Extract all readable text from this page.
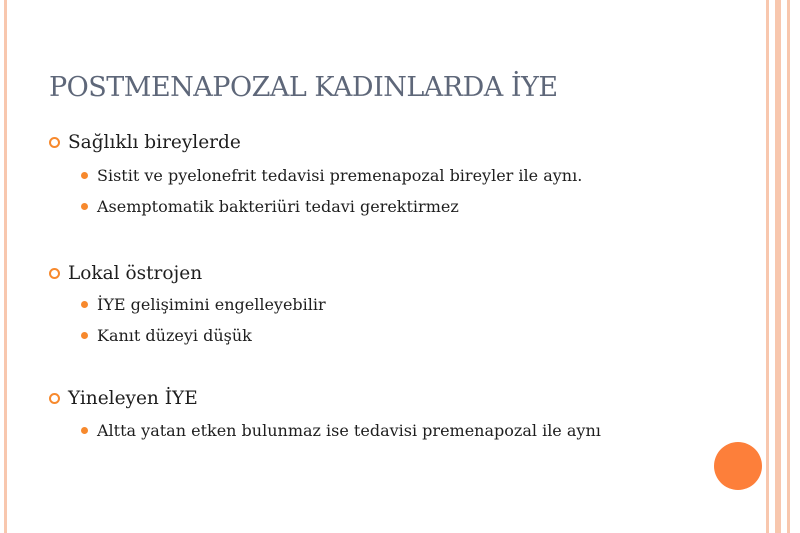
POSTMENAPOZAL KADINLARDA İYE
Sağlıklı bireylerde
Sistit ve pyelonefrit tedavisi premenapozal bireyler ile aynı.
Asemptomatik bakteriüri tedavi gerektirmez
Lokal östrojen
İYE gelişimini engelleyebilir
Kanıt düzeyi düşük
Yineleyen İYE
Altta yatan etken bulunmaz ise tedavisi premenapozal ile aynı
